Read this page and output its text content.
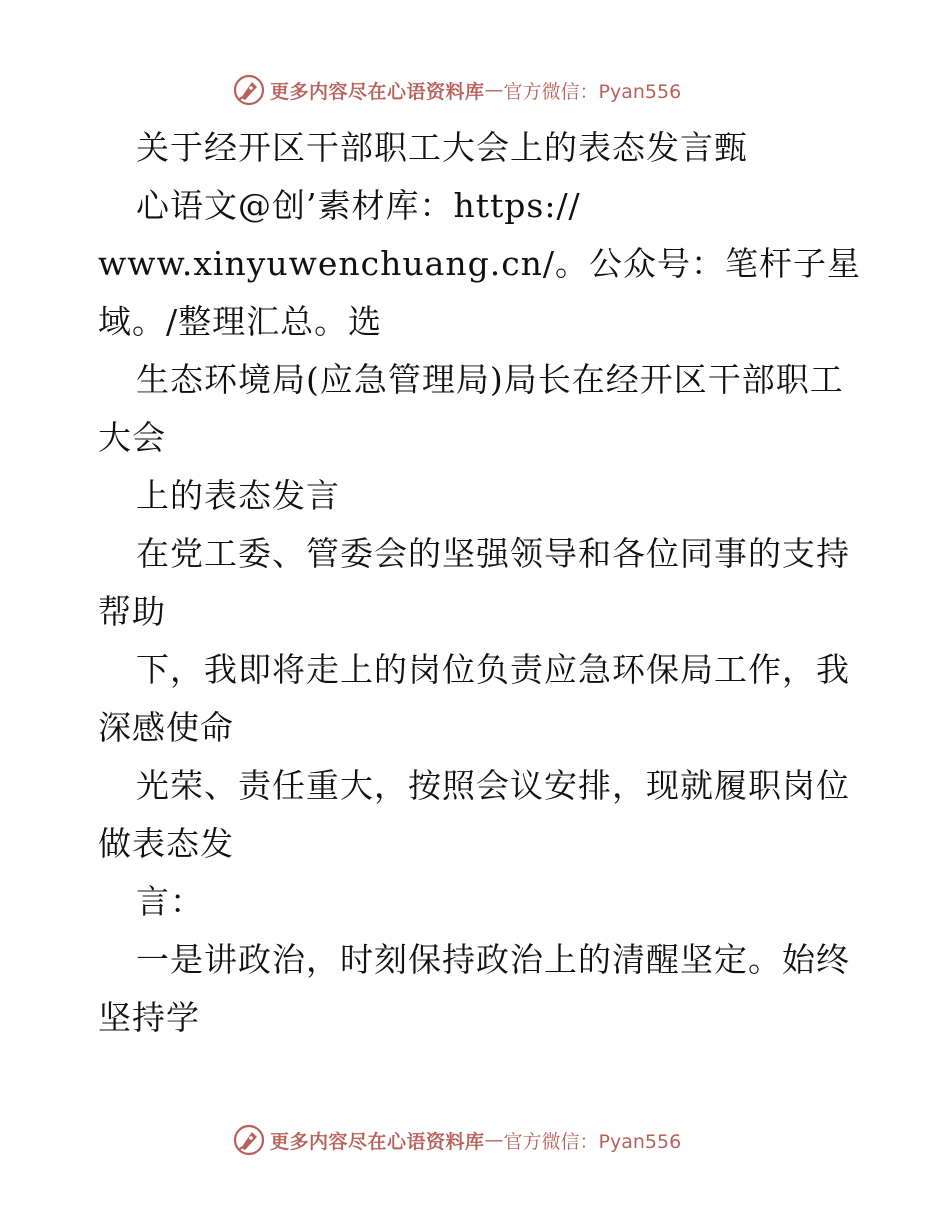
更多内容尽在心语资料库 — 官方微信：Pyan556
关于经开区干部职工大会上的表态发言甄
心语文@创’素材库：https://
www.xinyuwenchuang.cn/。公众号：笔杆子星
域。/整理汇总。选
生态环境局(应急管理局)局长在经开区干部职工
大会
上的表态发言
在党工委、管委会的坚强领导和各位同事的支持
帮助
下，我即将走上的岗位负责应急环保局工作，我
深感使命
光荣、责任重大，按照会议安排，现就履职岗位
做表态发
言：
一是讲政治，时刻保持政治上的清醒坚定。始终
坚持学
更多内容尽在心语资料库 — 官方微信：Pyan556
